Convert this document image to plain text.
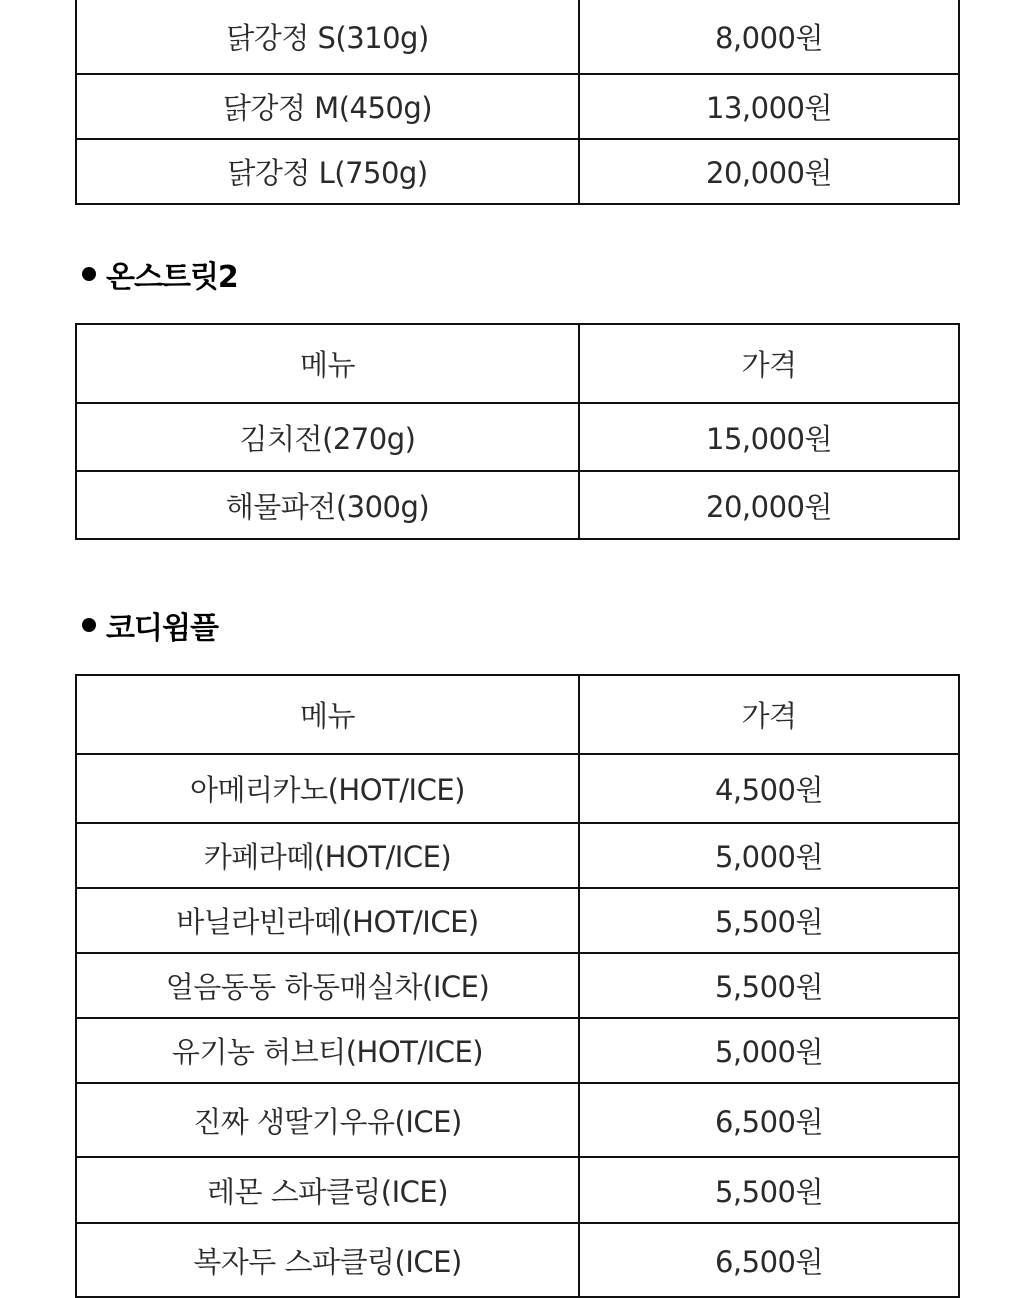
닭강정 S(310g)	8,000원
닭강정 M(450g)	13,000원
닭강정 L(750g)	20,000원
온스트릿2
메뉴	가격
김치전(270g)	15,000원
해물파전(300g)	20,000원
코디윔플
메뉴	가격
아메리카노(HOT/ICE)	4,500원
카페라떼(HOT/ICE)	5,000원
바닐라빈라떼(HOT/ICE)	5,500원
얼음동동 하동매실차(ICE)	5,500원
유기농 허브티(HOT/ICE)	5,000원
진짜 생딸기우유(ICE)	6,500원
레몬 스파클링(ICE)	5,500원
복자두 스파클링(ICE)	6,500원
